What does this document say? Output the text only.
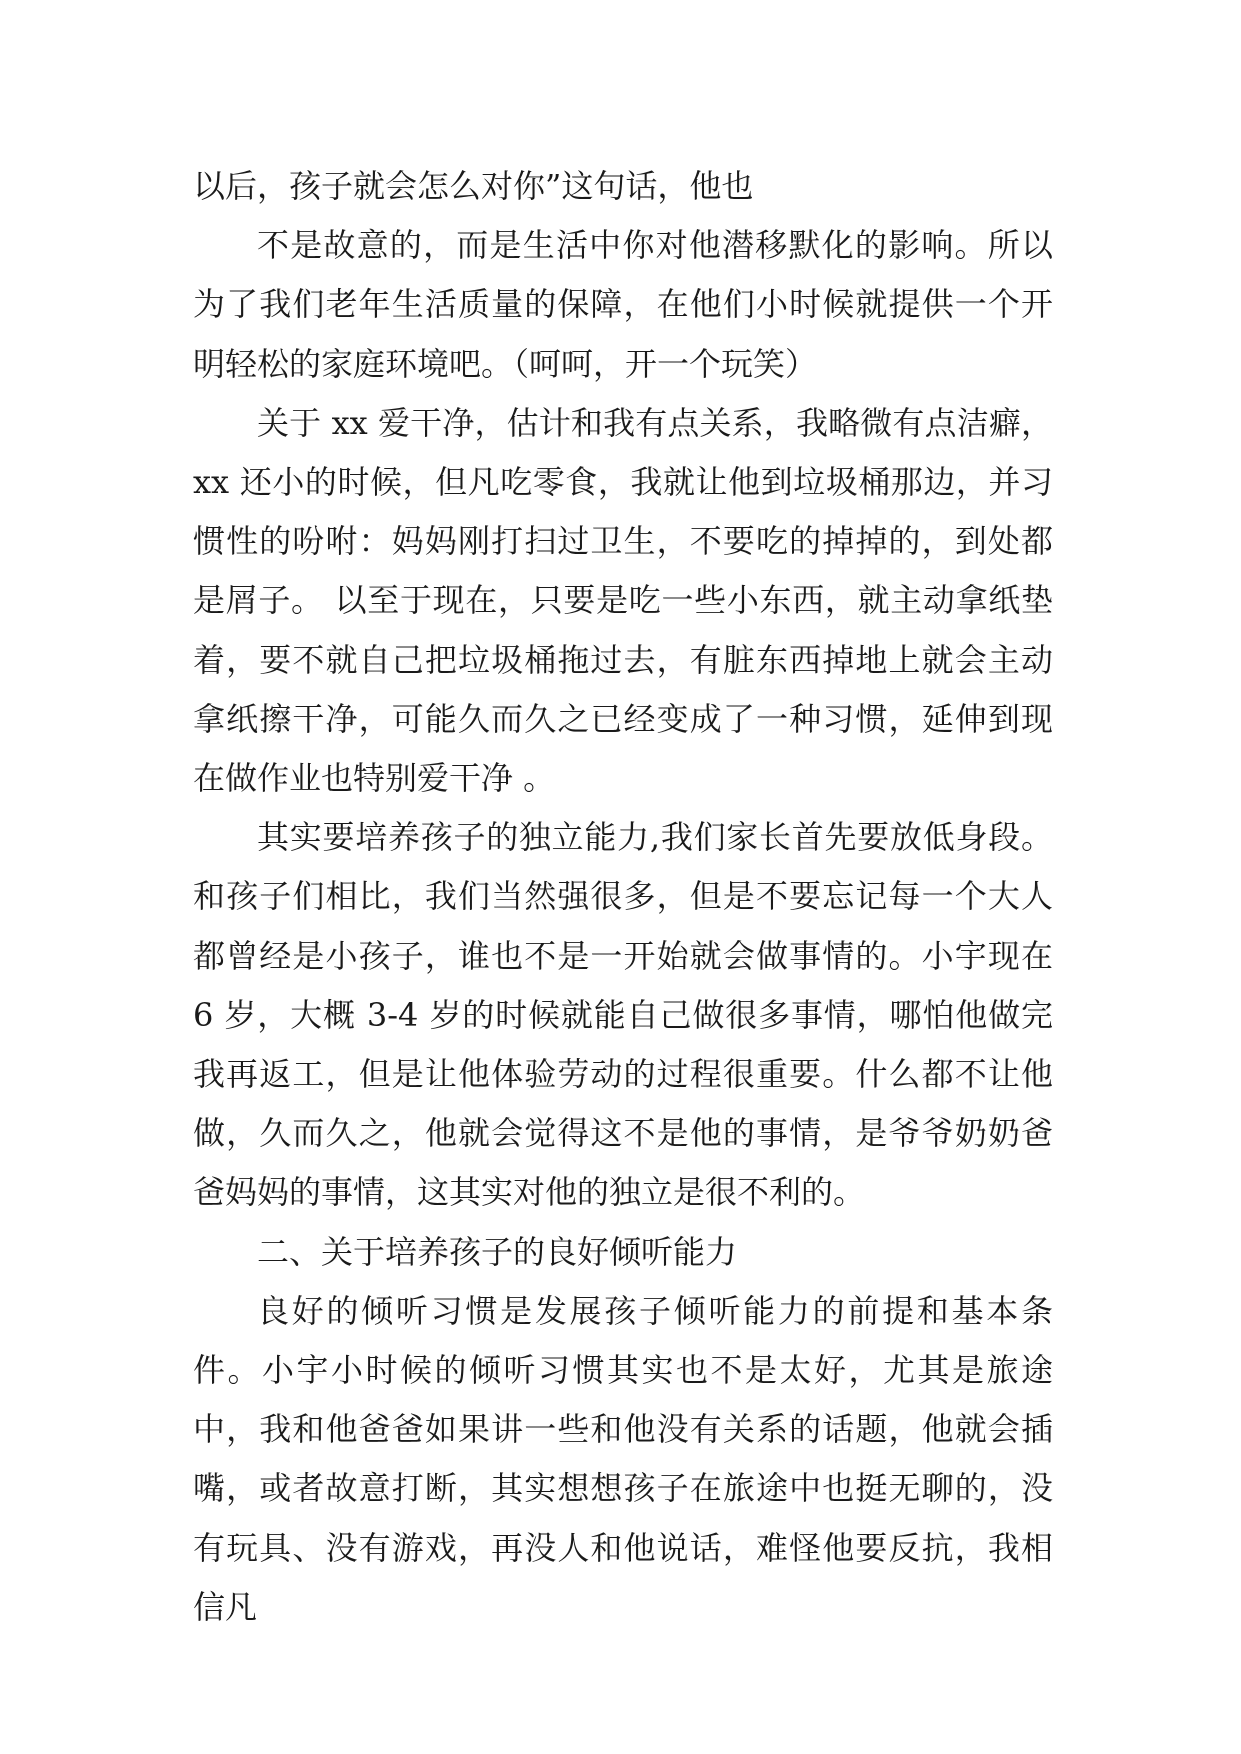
以后，孩子就会怎么对你”这句话，他也

不是故意的，而是生活中你对他潜移默化的影响。所以为了我们老年生活质量的保障，在他们小时候就提供一个开明轻松的家庭环境吧。（呵呵，开一个玩笑）

关于 xx 爱干净，估计和我有点关系，我略微有点洁癖，xx 还小的时候，但凡吃零食，我就让他到垃圾桶那边，并习惯性的吩咐：妈妈刚打扫过卫生，不要吃的掉掉的，到处都是屑子。 以至于现在，只要是吃一些小东西，就主动拿纸垫着，要不就自己把垃圾桶拖过去，有脏东西掉地上就会主动拿纸擦干净，可能久而久之已经变成了一种习惯，延伸到现在做作业也特别爱干净 。

其实要培养孩子的独立能力,我们家长首先要放低身段。和孩子们相比，我们当然强很多，但是不要忘记每一个大人都曾经是小孩子，谁也不是一开始就会做事情的。小宇现在 6 岁，大概 3-4 岁的时候就能自己做很多事情，哪怕他做完我再返工，但是让他体验劳动的过程很重要。什么都不让他做，久而久之，他就会觉得这不是他的事情，是爷爷奶奶爸爸妈妈的事情，这其实对他的独立是很不利的。

二、关于培养孩子的良好倾听能力

良好的倾听习惯是发展孩子倾听能力的前提和基本条件。小宇小时候的倾听习惯其实也不是太好，尤其是旅途中，我和他爸爸如果讲一些和他没有关系的话题，他就会插嘴，或者故意打断，其实想想孩子在旅途中也挺无聊的，没有玩具、没有游戏，再没人和他说话，难怪他要反抗，我相信凡
